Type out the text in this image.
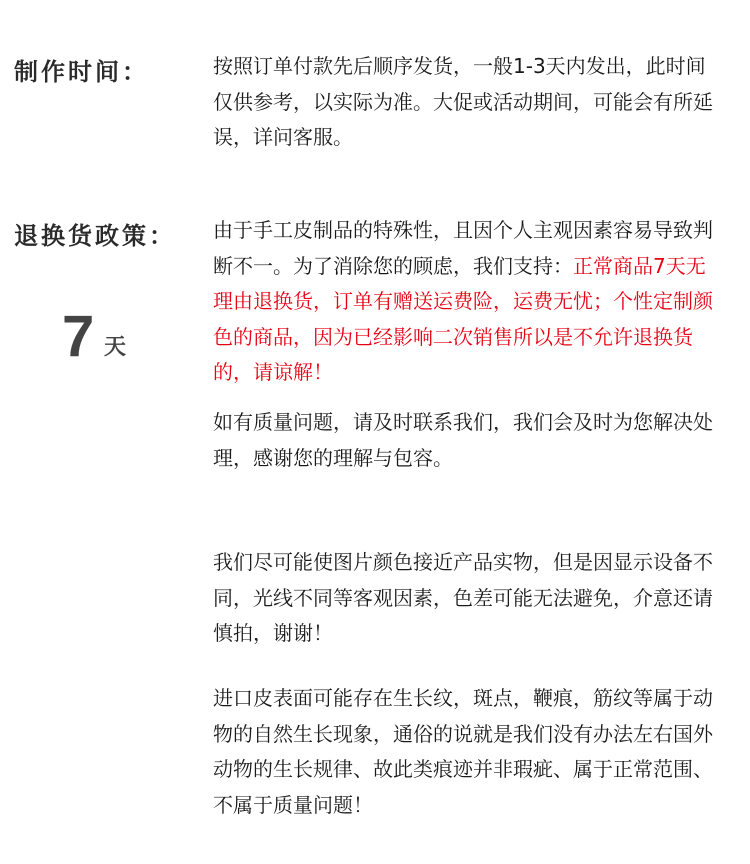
制作时间：	按照订单付款先后顺序发货，一般1-3天内发出，此时间仅供参考，以实际为准。大促或活动期间，可能会有所延误，详问客服。
退换货政策：
7 天
由于手工皮制品的特殊性，且因个人主观因素容易导致判断不一。为了消除您的顾虑，我们支持：正常商品7天无理由退换货，订单有赠送运费险，运费无忧；个性定制颜色的商品，因为已经影响二次销售所以是不允许退换货的，请谅解！
如有质量问题，请及时联系我们，我们会及时为您解决处理，感谢您的理解与包容。
我们尽可能使图片颜色接近产品实物，但是因显示设备不同，光线不同等客观因素，色差可能无法避免，介意还请慎拍，谢谢！
进口皮表面可能存在生长纹，斑点，鞭痕，筋纹等属于动物的自然生长现象，通俗的说就是我们没有办法左右国外动物的生长规律、故此类痕迹并非瑕疵、属于正常范围、不属于质量问题！
